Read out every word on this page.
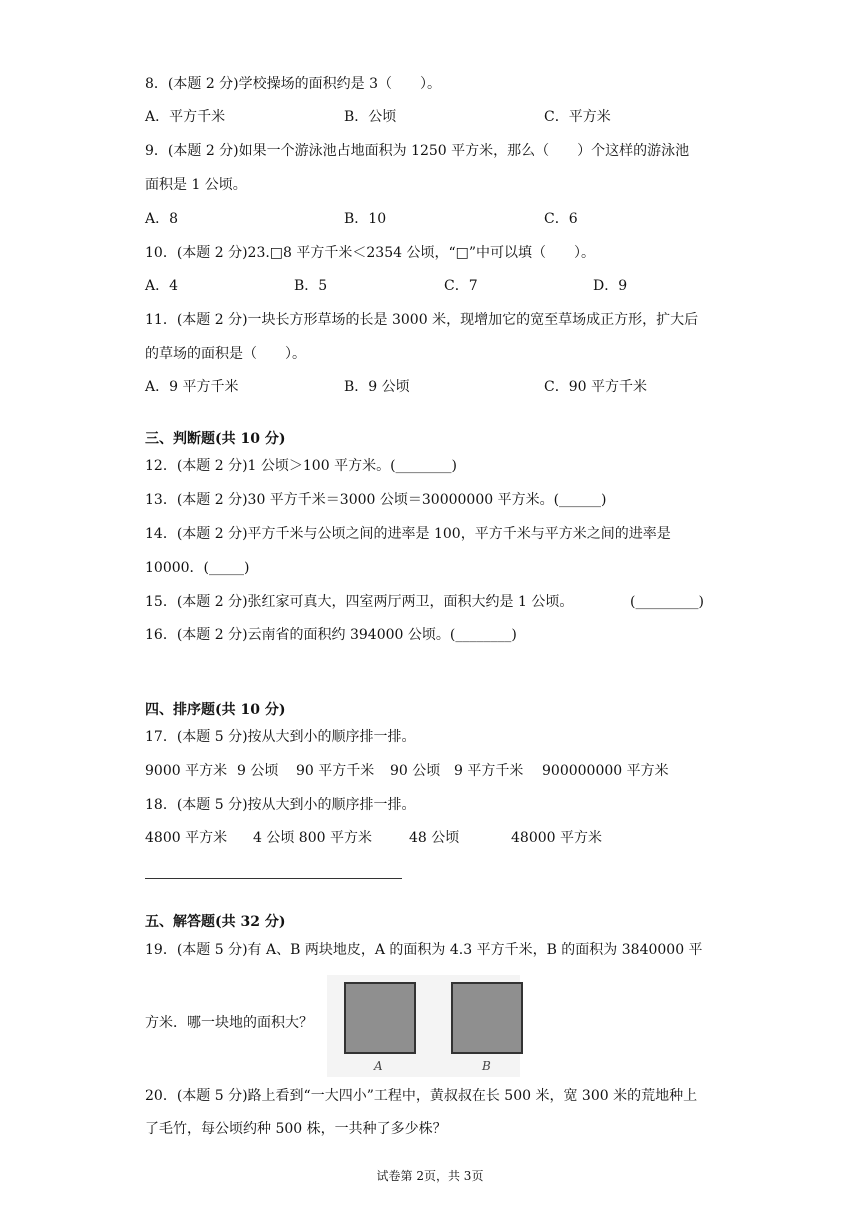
8．(本题 2 分)学校操场的面积约是 3（　　）。
A．平方千米	B．公顷	C．平方米
9．(本题 2 分)如果一个游泳池占地面积为 1250 平方米，那么（　　）个这样的游泳池
面积是 1 公顷。
A．8	B．10	C．6
10．(本题 2 分)23.□8 平方千米＜2354 公顷，“□”中可以填（　　）。
A．4	B．5	C．7	D．9
11．(本题 2 分)一块长方形草场的长是 3000 米，现增加它的宽至草场成正方形，扩大后
的草场的面积是（　　）。
A．9 平方千米	B．9 公顷	C．90 平方千米
三、判断题(共 10 分)
12．(本题 2 分)1 公顷＞100 平方米。(________)
13．(本题 2 分)30 平方千米＝3000 公顷＝30000000 平方米。(______)
14．(本题 2 分)平方千米与公顷之间的进率是 100，平方千米与平方米之间的进率是
10000．(_____)
15．(本题 2 分)张红家可真大，四室两厅两卫，面积大约是 1 公顷。	(_________)
16．(本题 2 分)云南省的面积约 394000 公顷。(________)
四、排序题(共 10 分)
17．(本题 5 分)按从大到小的顺序排一排。
9000 平方米 9 公顷 90 平方千米 90 公顷 9 平方千米 900000000 平方米
18．(本题 5 分)按从大到小的顺序排一排。
4800 平方米 4 公顷 800 平方米	48 公顷	48000 平方米
五、解答题(共 32 分)
19．(本题 5 分)有 A、B 两块地皮，A 的面积为 4.3 平方千米，B 的面积为 3840000 平
方米．哪一块地的面积大？
A	B
20．(本题 5 分)路上看到“一大四小”工程中，黄叔叔在长 500 米，宽 300 米的荒地种上
了毛竹，每公顷约种 500 株，一共种了多少株？
试卷第 2页，共 3页
